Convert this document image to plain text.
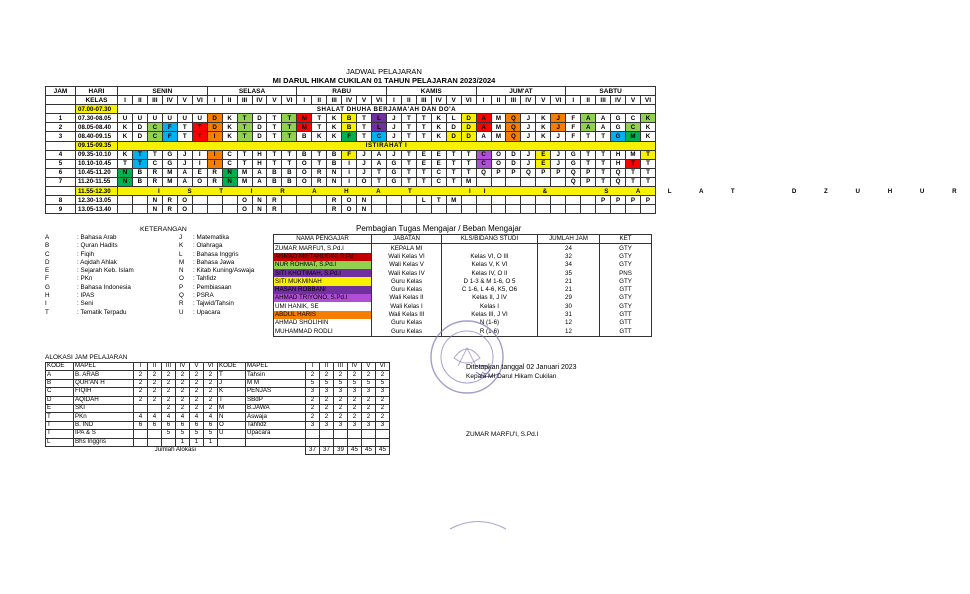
JADWAL PELAJARAN
MI DARUL HIKAM CUKILAN 01 TAHUN PELAJARAN 2023/2024
JAM	HARI	SENIN						SELASA						RABU						KAMIS						JUM'AT						SABTU					
	KELAS	I	II	III	IV	V	VI	I	II	III	IV	V	VI	I	II	III	IV	V	VI	I	II	III	IV	V	VI	I	II	III	IV	V	VI	I	II	III	IV	V	VI
	07.00-07.30	SHALAT DHUHA BERJAMA'AH DAN DO'A																																			
1	07.30-08.05	U	U	U	U	U	U	D	K	T	D	T	T	M	T	K	B	T	L	J	T	T	K	L	D	A	M	Q	J	K	J	F	A	A	G	C	K
2	08.05-08.40	K	D	C	F	T	T	D	K	T	D	T	T	M	T	K	B	T	L	J	T	T	K	D	D	A	M	Q	J	K	J	F	A	A	G	C	K
3	08.40-09.15	K	D	C	F	T	T	I	K	T	D	T	T	B	K	K	F	T	C	J	T	T	K	D	D	A	M	Q	J	K	J	F	T	T	G	M	K
	09.15-09.35	ISTIRAHAT I																																			
4	09.35-10.10	K	T	T	G	J	I	I	C	T	H	T	T	B	T	B	F	J	A	J	T	E	E	T	T	C	O	D	J	E	J	G	T	T	H	M	T
5	10.10-10.45	T	T	C	G	J	I	I	C	T	H	T	T	O	T	B	I	J	A	G	T	E	E	T	T	C	O	D	J	E	J	G	T	T	H	T	T
6	10.45-11.20	N	B	R	M	A	E	R	N	M	A	B	B	O	R	N	I	J	T	G	T	T	C	T	T	Q	P	P	Q	P	P	Q	P	T	Q	T	T
7	11.20-11.55	N	B	R	M	A	O	R	N	M	A	B	B	O	R	N	I	O	T	G	T	T	C	T	M							Q	P	T	Q	T	T
	11.55-12.30	I S T I R A H A T   II   &   S A L A T   D Z U H U R																																			
8	12.30-13.05			N	R	O				O	N	R				R	O	N				L	T	M										P	P	P	P
9	13.05-13.40			N	R	O				O	N	R				R	O	N																			
KETERANGAN
A	: Bahasa Arab	J : Matematika
B	: Quran Hadits	K : Olahraga
C	: Fiqih	L : Bahasa Inggris
D	: Aqidah Ahlak	M : Bahasa Jawa
E	: Sejarah Keb. Islam	N : Kitab Kuning/Aswaja
F	: PKn	O : Tahfidz
G	: Bahasa Indonesia	P : Pembiasaan
H	: IPAS	Q : PSRA
I	: Seni	R : Tajwid/Tahsin
T	: Tematik Terpadu	U : Upacara
Pembagian Tugas Mengajar / Beban Mengajar
NAMA PENGAJAR	JABATAN	KLS/BIDANG STUDI	JUMLAH JAM	KET
ZUMAR MARFU'I, S.Pd.I	KEPALA MI		24	GTY
AHMAD MIFTAHUDIN, S.Pd	Wali Kelas VI	Kelas VI, O III	32	GTY
NUR ROHMAT, S.Pd.I	Wali Kelas V	Kelas V, K VI	34	GTY
SITI KHOTIMAH, S.Pd.I	Wali Kelas IV	Kelas IV, O II	35	PNS
SITI MUKMINAH	Guru Kelas	D 1-3 & M 1-6, O 5	21	GTY
HASAN ROBBANI	Guru Kelas	C 1-6, L 4-6, K5, O6	21	GTT
AHMAD TRIYONO, S.Pd.I	Wali Kelas II	Kelas II, J IV	29	GTY
UMI HANIK, SE	Wali Kelas I	Kelas I	30	GTY
ABDUL HARIS	Wali Kelas III	Kelas III, J VI	31	GTT
AHMAD SHOLIHIN	Guru Kelas	N (1-6)	12	GTT
MUHAMMAD RODLI	Guru Kelas	R (1-6)	12	GTT
ALOKASI JAM PELAJARAN
KODE	MAPEL	I	II	III	IV	V	VI	KODE	MAPEL	I	II	III	IV	V	VI
A	B. ARAB	2	2	2	2	2	2	T	Tahsin	2	2	2	2	2	2
B	QUR'AN H	2	2	2	2	2	2	J	M M	5	5	5	5	5	5
C	FIQIH	2	2	2	2	2	2	K	PENJAS	3	3	3	3	3	3
D	AQIDAH	2	2	2	2	2	2	T	SBdP	2	2	2	2	2	2
E	SKI			2	2	2	2	M	B.JAWA	2	2	2	2	2	2
T	PKn	4	4	4	4	4	4	N	Aswaja	2	2	2	2	2	2
T	B. IND	6	6	6	6	6	6	O	Tahfidz	3	3	3	3	3	3
T	IPA & S			5	5	5	5	U	Upacara						
L	Bhs Inggris				1	1	1								
Jumlah Alokasi										37	37	39	45	45	45
Ditetapkan tanggal 02 Januari 2023
Kepala MI Darul Hikam Cukilan
ZUMAR MARFU'I, S.Pd.I
